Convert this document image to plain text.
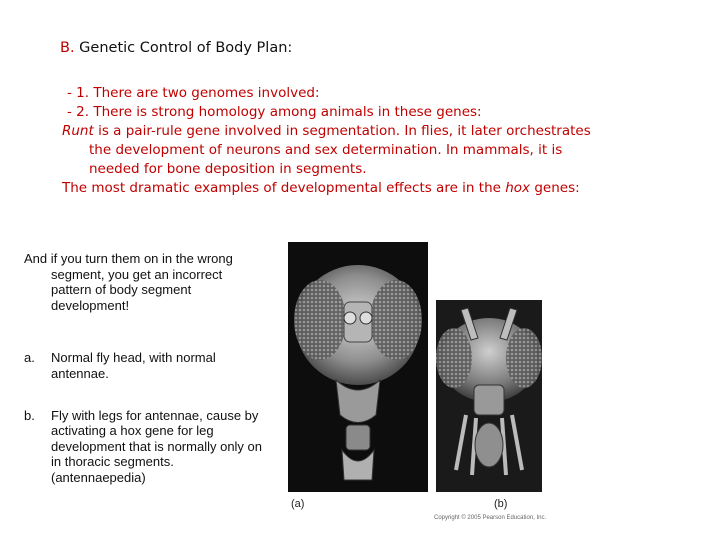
B. Genetic Control of Body Plan:
- 1. There are two genomes involved:
- 2. There is strong homology among animals in these genes:
Runt is a pair-rule gene involved in segmentation. In flies, it later orchestrates
the development of neurons and sex determination. In mammals, it is
needed for bone deposition in segments.
The most dramatic examples of developmental effects are in the hox genes:
And if you turn them on in the wrong segment, you get an incorrect pattern of body segment development!
a. Normal fly head, with normal antennae.
b. Fly with legs for antennae, cause by activating a hox gene for leg development that is normally only on in thoracic segments. (antennaepedia)
(a)	(b)
Copyright © 2005 Pearson Education, Inc.
